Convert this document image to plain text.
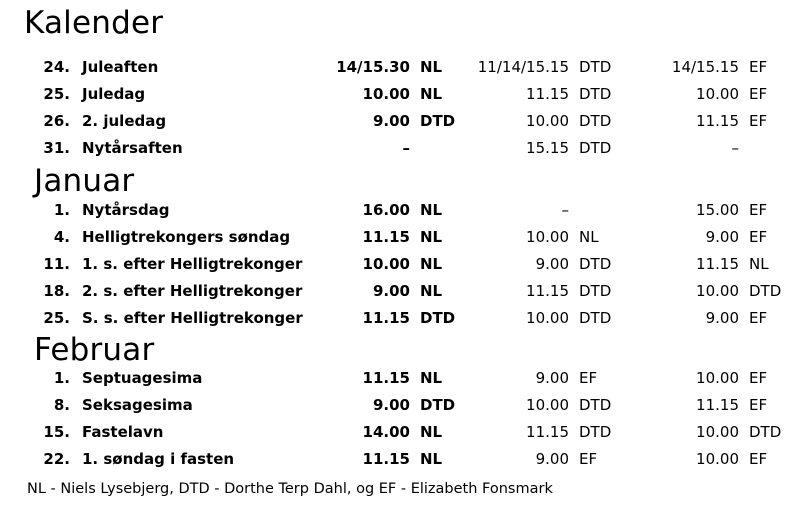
Kalender
24. Juleaften	14/15.30 NL 11/14/15.15 DTD	14/15.15 EF
25. Juledag	10.00 NL	11.15 DTD	10.00 EF
26. 2. juledag	9.00 DTD	10.00 DTD	11.15 EF
31. Nytårsaften	–	15.15 DTD	–
Januar
1. Nytårsdag	16.00 NL	–	15.00 EF
4. Helligtrekongers søndag	11.15 NL	10.00 NL	9.00 EF
11. 1. s. efter Helligtrekonger	10.00 NL	9.00 DTD	11.15 NL
18. 2. s. efter Helligtrekonger	9.00 NL	11.15 DTD	10.00 DTD
25. S. s. efter Helligtrekonger	11.15 DTD	10.00 DTD	9.00 EF
Februar
1. Septuagesima	11.15 NL	9.00 EF	10.00 EF
8. Seksagesima	9.00 DTD	10.00 DTD	11.15 EF
15. Fastelavn	14.00 NL	11.15 DTD	10.00 DTD
22. 1. søndag i fasten	11.15 NL	9.00 EF	10.00 EF
NL - Niels Lysebjerg, DTD - Dorthe Terp Dahl, og EF - Elizabeth Fonsmark
